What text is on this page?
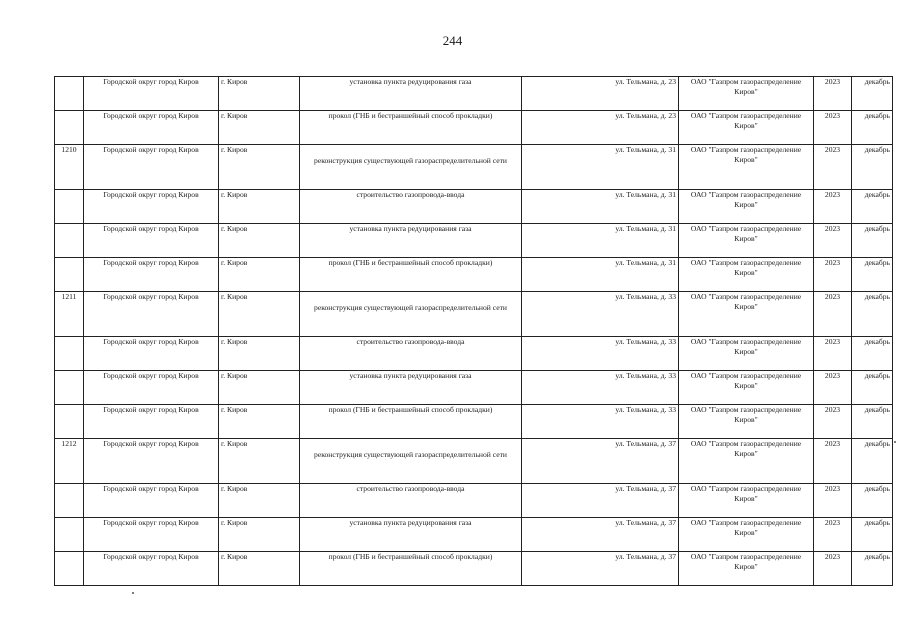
244
	Городской округ город Киров	г. Киров	установка пункта редуцирования газа	ул. Тельмана, д. 23	ОАО "Газпром газораспределение Киров"	2023	декабрь
	Городской округ город Киров	г. Киров	прокол (ГНБ и бестраншейный способ прокладки)	ул. Тельмана, д. 23	ОАО "Газпром газораспределение Киров"	2023	декабрь
1210	Городской округ город Киров	г. Киров	реконструкция существующей газораспределительной сети	ул. Тельмана, д. 31	ОАО "Газпром газораспределение Киров"	2023	декабрь
	Городской округ город Киров	г. Киров	строительство газопровода-ввода	ул. Тельмана, д. 31	ОАО "Газпром газораспределение Киров"	2023	декабрь
	Городской округ город Киров	г. Киров	установка пункта редуцирования газа	ул. Тельмана, д. 31	ОАО "Газпром газораспределение Киров"	2023	декабрь
	Городской округ город Киров	г. Киров	прокол (ГНБ и бестраншейный способ прокладки)	ул. Тельмана, д. 31	ОАО "Газпром газораспределение Киров"	2023	декабрь
1211	Городской округ город Киров	г. Киров	реконструкция существующей газораспределительной сети	ул. Тельмана, д. 33	ОАО "Газпром газораспределение Киров"	2023	декабрь
	Городской округ город Киров	г. Киров	строительство газопровода-ввода	ул. Тельмана, д. 33	ОАО "Газпром газораспределение Киров"	2023	декабрь
	Городской округ город Киров	г. Киров	установка пункта редуцирования газа	ул. Тельмана, д. 33	ОАО "Газпром газораспределение Киров"	2023	декабрь
	Городской округ город Киров	г. Киров	прокол (ГНБ и бестраншейный способ прокладки)	ул. Тельмана, д. 33	ОАО "Газпром газораспределение Киров"	2023	декабрь
1212	Городской округ город Киров	г. Киров	реконструкция существующей газораспределительной сети	ул. Тельмана, д. 37	ОАО "Газпром газораспределение Киров"	2023	декабрь
	Городской округ город Киров	г. Киров	строительство газопровода-ввода	ул. Тельмана, д. 37	ОАО "Газпром газораспределение Киров"	2023	декабрь
	Городской округ город Киров	г. Киров	установка пункта редуцирования газа	ул. Тельмана, д. 37	ОАО "Газпром газораспределение Киров"	2023	декабрь
	Городской округ город Киров	г. Киров	прокол (ГНБ и бестраншейный способ прокладки)	ул. Тельмана, д. 37	ОАО "Газпром газораспределение Киров"	2023	декабрь
